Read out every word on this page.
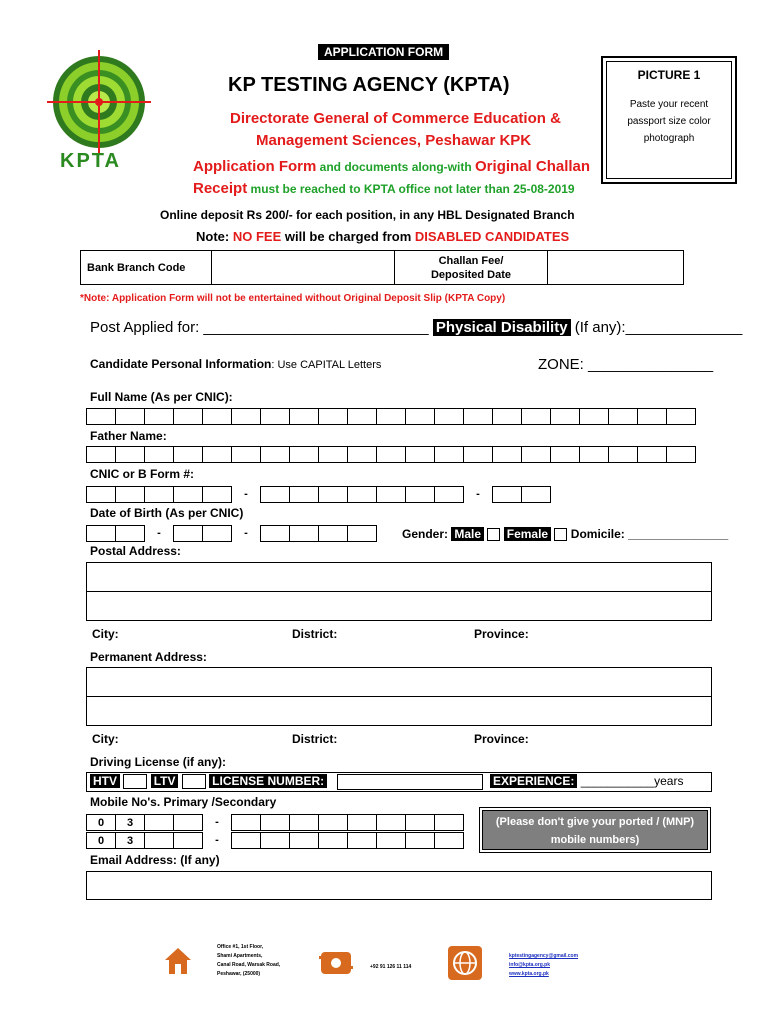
KPTA
APPLICATION FORM
KP TESTING AGENCY (KPTA)
Directorate General of Commerce Education &
Management Sciences, Peshawar KPK
Application Form and documents along-with Original Challan
Receipt must be reached to KPTA office not later than 25-08-2019
Online deposit Rs 200/- for each position, in any HBL Designated Branch
Note: NO FEE will be charged from DISABLED CANDIDATES
PICTURE 1
Paste your recent passport size color photograph
Bank Branch Code		Challan Fee/
Deposited Date	
*Note: Application Form will not be entertained without Original Deposit Slip (KPTA Copy)
Post Applied for: ___________________________ Physical Disability (If any):______________
Candidate Personal Information: Use CAPITAL Letters	ZONE: _______________
Full Name (As per CNIC):
Father Name:
CNIC or B Form #:
-	-
Date of Birth (As per CNIC)
-	-	Gender: Male Female Domicile: _______________
Postal Address:
City:	District:	Province:
Permanent Address:
City:	District:	Province:
Driving License (if any):
HTV	LTV	LICENSE NUMBER:	EXPERIENCE: ___________years
Mobile No's. Primary /Secondary
0	3	-
0	3	-
(Please don't give your ported / (MNP) mobile numbers)
Email Address: (If any)
Office #1, 1st Floor,
Shami Apartments,
Canal Road, Warsak Road,
Peshawar, (25000)
+92 91 126 11 114
kptestingagency@gmail.com
info@kpta.org.pk
www.kpta.org.pk
